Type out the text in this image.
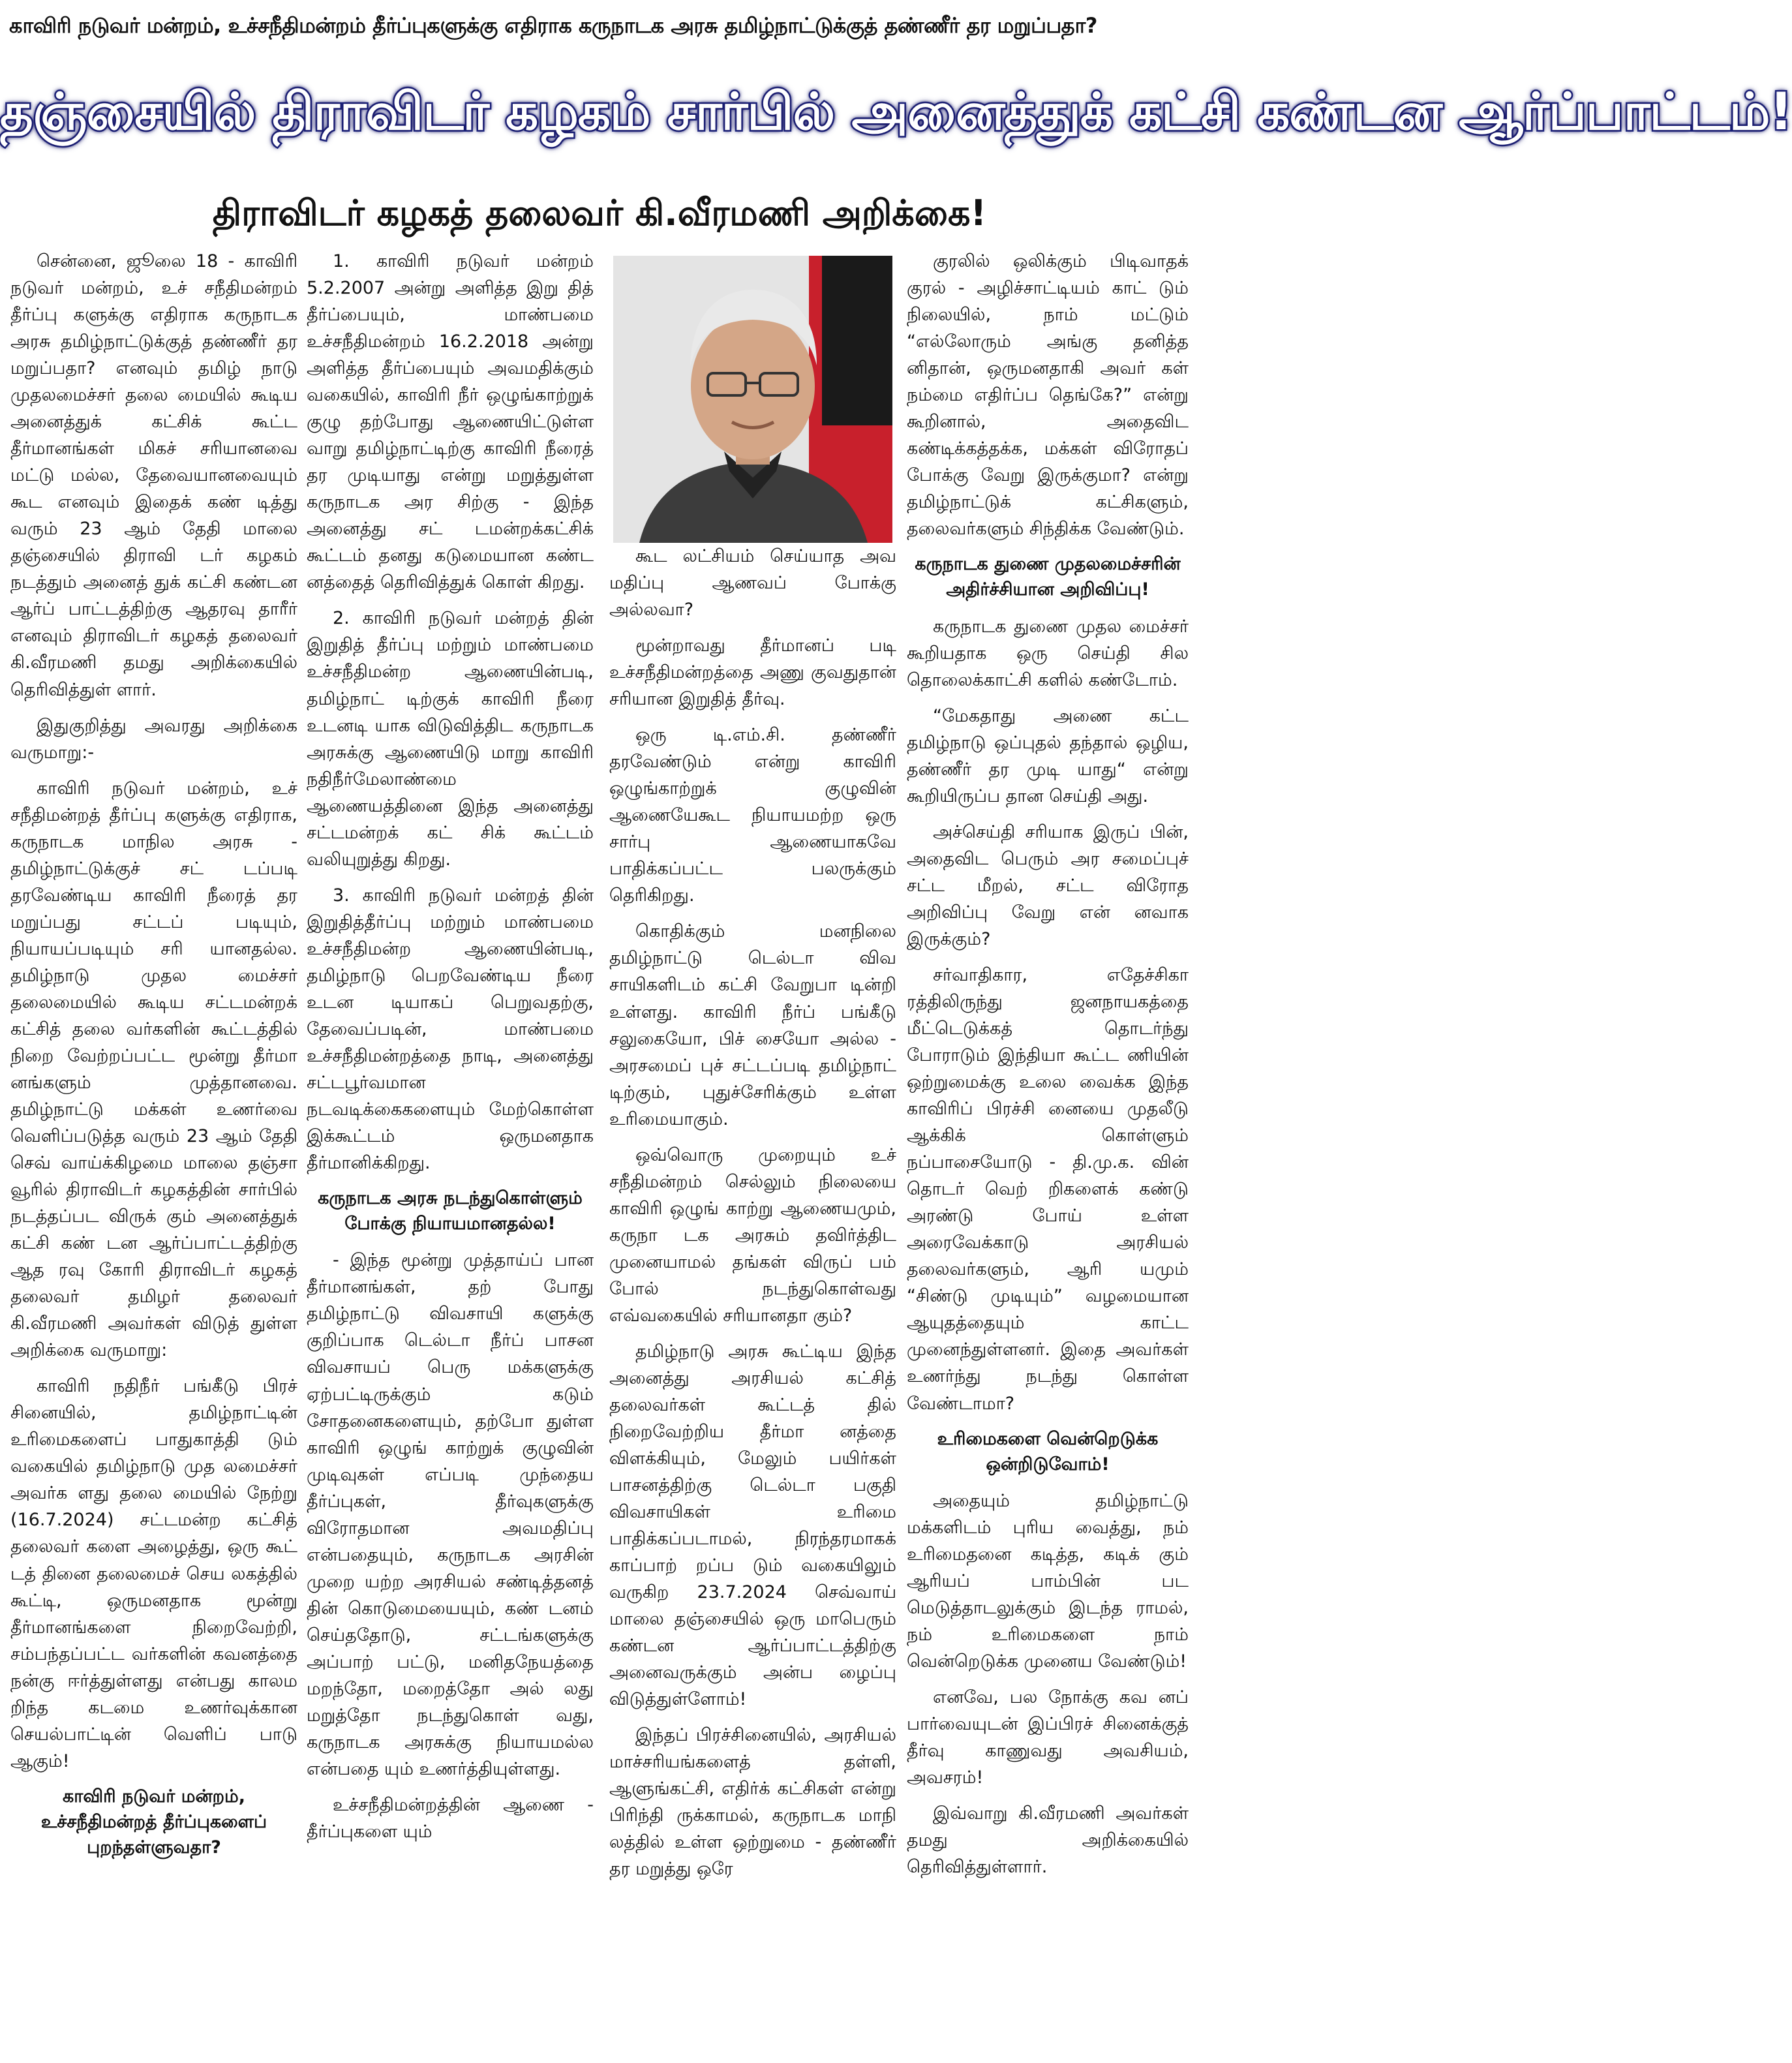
காவிரி நடுவர் மன்றம், உச்சநீதிமன்றம் தீர்ப்புகளுக்கு எதிராக கருநாடக அரசு தமிழ்நாட்டுக்குத் தண்ணீர் தர மறுப்பதா?
தஞ்சையில் திராவிடர் கழகம் சார்பில் அனைத்துக் கட்சி கண்டன ஆர்ப்பாட்டம்!
திராவிடர் கழகத் தலைவர் கி.வீரமணி அறிக்கை!

சென்னை, ஜூலை 18 - காவிரி நடுவர் மன்றம், உச் சநீதிமன்றம் தீர்ப்பு களுக்கு எதிராக கருநாடக அரசு தமிழ்நாட்டுக்குத் தண்ணீர் தர மறுப்பதா? எனவும் தமிழ் நாடு முதலமைச்சர் தலை மையில் கூடிய அனைத்துக் கட்சிக் கூட்ட தீர்மானங்கள் மிகச் சரியானவை மட்டு மல்ல, தேவையானவையும் கூட எனவும் இதைக் கண் டித்து வரும் 23 ஆம் தேதி மாலை தஞ்சையில் திராவி டர் கழகம் நடத்தும் அனைத் துக் கட்சி கண்டன ஆர்ப் பாட்டத்திற்கு ஆதரவு தாரீர் எனவும் திராவிடர் கழகத் தலைவர் கி.வீரமணி தமது அறிக்கையில் தெரிவித்துள் ளார்.

இதுகுறித்து அவரது அறிக்கை வருமாறு:-

காவிரி நடுவர் மன்றம், உச் சநீதிமன்றத் தீர்ப்பு களுக்கு எதிராக, கருநாடக மாநில அரசு - தமிழ்நாட்டுக்குச் சட் டப்படி தரவேண்டிய காவிரி நீரைத் தர மறுப்பது சட்டப் படியும், நியாயப்படியும் சரி யானதல்ல. தமிழ்நாடு முதல மைச்சர் தலைமையில் கூடிய சட்டமன்றக் கட்சித் தலை வர்களின் கூட்டத்தில் நிறை வேற்றப்பட்ட மூன்று தீர்மா னங்களும் முத்தானவை. தமிழ்நாட்டு மக்கள் உணர்வை வெளிப்படுத்த வரும் 23 ஆம் தேதி செவ் வாய்க்கிழமை மாலை தஞ்சா வூரில் திராவிடர் கழகத்தின் சார்பில் நடத்தப்பட விருக் கும் அனைத்துக் கட்சி கண் டன ஆர்ப்பாட்டத்திற்கு ஆத ரவு கோரி திராவிடர் கழகத் தலைவர் தமிழர் தலைவர் கி.வீரமணி அவர்கள் விடுத் துள்ள அறிக்கை வருமாறு:

காவிரி நதிநீர் பங்கீடு பிரச் சினையில், தமிழ்நாட்டின் உரிமைகளைப் பாதுகாத்தி டும் வகையில் தமிழ்நாடு முத லமைச்சர் அவர்க ளது தலை மையில் நேற்று (16.7.2024) சட்டமன்ற கட்சித் தலைவர் களை அழைத்து, ஒரு கூட் டத் தினை தலைமைச் செய லகத்தில் கூட்டி, ஒருமனதாக மூன்று தீர்மானங்களை நிறைவேற்றி, சம்பந்தப்பட்ட வர்களின் கவனத்தை நன்கு ஈர்த்துள்ளது என்பது காலம றிந்த கடமை உணர்வுக்கான செயல்பாட்டின் வெளிப் பாடு ஆகும்!

காவிரி நடுவர் மன்றம், உச்சநீதிமன்றத் தீர்ப்புகளைப் புறந்தள்ளுவதா?

1. காவிரி நடுவர் மன்றம் 5.2.2007 அன்று அளித்த இறு தித் தீர்ப்பையும், மாண்பமை உச்சநீதிமன்றம் 16.2.2018 அன்று அளித்த தீர்ப்பையும் அவமதிக்கும் வகையில், காவிரி நீர் ஒழுங்காற்றுக் குழு தற்போது ஆணையிட்டுள்ள வாறு தமிழ்நாட்டிற்கு காவிரி நீரைத் தர முடியாது என்று மறுத்துள்ள கருநாடக அர சிற்கு - இந்த அனைத்து சட் டமன்றக்கட்சிக் கூட்டம் தனது கடுமையான கண்ட னத்தைத் தெரிவித்துக் கொள் கிறது.

2. காவிரி நடுவர் மன்றத் தின் இறுதித் தீர்ப்பு மற்றும் மாண்பமை உச்சநீதிமன்ற ஆணையின்படி, தமிழ்நாட் டிற்குக் காவிரி நீரை உடனடி யாக விடுவித்திட கருநாடக அரசுக்கு ஆணையிடு மாறு காவிரி நதிநீர்மேலாண்மை ஆணையத்தினை இந்த அனைத்து சட்டமன்றக் கட் சிக் கூட்டம் வலியுறுத்து கிறது.

3. காவிரி நடுவர் மன்றத் தின் இறுதித்தீர்ப்பு மற்றும் மாண்பமை உச்சநீதிமன்ற ஆணையின்படி, தமிழ்நாடு பெறவேண்டிய நீரை உடன டியாகப் பெறுவதற்கு, தேவைப்படின், மாண்பமை உச்சநீதிமன்றத்தை நாடி, அனைத்து சட்டபூர்வமான நடவடிக்கைகளையும் மேற்கொள்ள இக்கூட்டம் ஒருமனதாக தீர்மானிக்கிறது.

கருநாடக அரசு நடந்துகொள்ளும் போக்கு நியாயமானதல்ல!

- இந்த மூன்று முத்தாய்ப் பான தீர்மானங்கள், தற் போது தமிழ்நாட்டு விவசாயி களுக்கு குறிப்பாக டெல்டா நீர்ப் பாசன விவசாயப் பெரு மக்களுக்கு ஏற்பட்டிருக்கும் கடும் சோதனைகளையும், தற்போ துள்ள காவிரி ஒழுங் காற்றுக் குழுவின் முடிவுகள் எப்படி முந்தைய தீர்ப்புகள், தீர்வுகளுக்கு விரோதமான அவமதிப்பு என்பதையும், கருநாடக அரசின் முறை யற்ற அரசியல் சண்டித்தனத் தின் கொடுமையையும், கண் டனம் செய்ததோடு, சட்டங்களுக்கு அப்பாற் பட்டு, மனிதநேயத்தை மறந்தோ, மறைத்தோ அல் லது மறுத்தோ நடந்துகொள் வது, கருநாடக அரசுக்கு நியாயமல்ல என்பதை யும் உணர்த்தியுள்ளது.

உச்சநீதிமன்றத்தின் ஆணை - தீர்ப்புகளை யும்

கூட லட்சியம் செய்யாத அவ மதிப்பு ஆணவப் போக்கு அல்லவா?

மூன்றாவது தீர்மானப் படி உச்சநீதிமன்றத்தை அணு குவதுதான் சரியான இறுதித் தீர்வு.

ஒரு டி.எம்.சி. தண்ணீர் தரவேண்டும் என்று காவிரி ஒழுங்காற்றுக் குழுவின் ஆணையேகூட நியாயமற்ற ஒரு சார்பு ஆணையாகவே பாதிக்கப்பட்ட பலருக்கும் தெரிகிறது.

கொதிக்கும் மனநிலை தமிழ்நாட்டு டெல்டா விவ சாயிகளிடம் கட்சி வேறுபா டின்றி உள்ளது. காவிரி நீர்ப் பங்கீடு சலுகையோ, பிச் சையோ அல்ல - அரசமைப் புச் சட்டப்படி தமிழ்நாட் டிற்கும், புதுச்சேரிக்கும் உள்ள உரிமையாகும்.

ஒவ்வொரு முறையும் உச் சநீதிமன்றம் செல்லும் நிலையை காவிரி ஒழுங் காற்று ஆணையமும், கருநா டக அரசும் தவிர்த்திட முனையாமல் தங்கள் விருப் பம் போல் நடந்துகொள்வது எவ்வகையில் சரியானதா கும்?

தமிழ்நாடு அரசு கூட்டிய இந்த அனைத்து அரசியல் கட்சித் தலைவர்கள் கூட்டத் தில் நிறைவேற்றிய தீர்மா னத்தை விளக்கியும், மேலும் பயிர்கள் பாசனத்திற்கு டெல்டா பகுதி விவசாயிகள் உரிமை பாதிக்கப்படாமல், நிரந்தரமாகக் காப்பாற் றப்ப டும் வகையிலும் வருகிற 23.7.2024 செவ்வாய் மாலை தஞ்சையில் ஒரு மாபெரும் கண்டன ஆர்ப்பாட்டத்திற்கு அனைவருக்கும் அன்ப ழைப்பு விடுத்துள்ளோம்!

இந்தப் பிரச்சினையில், அரசியல் மாச்சரியங்களைத் தள்ளி, ஆளுங்கட்சி, எதிர்க் கட்சிகள் என்று பிரிந்தி ருக்காமல், கருநாடக மாநி லத்தில் உள்ள ஒற்றுமை - தண்ணீர் தர மறுத்து ஒரே

குரலில் ஒலிக்கும் பிடிவாதக் குரல் - அழிச்சாட்டியம் காட் டும் நிலையில், நாம் மட்டும் “எல்லோரும் அங்கு தனித்த னிதான், ஒருமனதாகி அவர் கள் நம்மை எதிர்ப்ப தெங்கே?” என்று கூறினால், அதைவிட கண்டிக்கத்தக்க, மக்கள் விரோதப் போக்கு வேறு இருக்குமா? என்று தமிழ்நாட்டுக் கட்சிகளும், தலைவர்களும் சிந்திக்க வேண்டும்.

கருநாடக துணை முதலமைச்சரின் அதிர்ச்சியான அறிவிப்பு!

கருநாடக துணை முதல மைச்சர் கூறியதாக ஒரு செய்தி சில தொலைக்காட்சி களில் கண்டோம்.

“மேகதாது அணை கட்ட தமிழ்நாடு ஒப்புதல் தந்தால் ஒழிய, தண்ணீர் தர முடி யாது“ என்று கூறியிருப்ப தான செய்தி அது.

அச்செய்தி சரியாக இருப் பின், அதைவிட பெரும் அர சமைப்புச் சட்ட மீறல், சட்ட விரோத அறிவிப்பு வேறு என் னவாக இருக்கும்?

சர்வாதிகார, எதேச்சிகா ரத்திலிருந்து ஜனநாயகத்தை மீட்டெடுக்கத் தொடர்ந்து போராடும் இந்தியா கூட்ட ணியின் ஒற்றுமைக்கு உலை வைக்க இந்த காவிரிப் பிரச்சி னையை முதலீடு ஆக்கிக் கொள்ளும் நப்பாசையோடு - தி.மு.க. வின் தொடர் வெற் றிகளைக் கண்டு அரண்டு போய் உள்ள அரைவேக்காடு அரசியல் தலைவர்களும், ஆரி யமும் “சிண்டு முடியும்” வழமையான ஆயுதத்தையும் காட்ட முனைந்துள்ளனர். இதை அவர்கள் உணர்ந்து நடந்து கொள்ள வேண்டாமா?

உரிமைகளை வென்றெடுக்க ஒன்றிடுவோம்!

அதையும் தமிழ்நாட்டு மக்களிடம் புரிய வைத்து, நம் உரிமைதனை கடித்த, கடிக் கும் ஆரியப் பாம்பின் பட மெடுத்தாடலுக்கும் இடந்த ராமல், நம் உரிமைகளை நாம் வென்றெடுக்க முனைய வேண்டும்!

எனவே, பல நோக்கு கவ னப் பார்வையுடன் இப்பிரச் சினைக்குத் தீர்வு காணுவது அவசியம், அவசரம்!

இவ்வாறு கி.வீரமணி அவர்கள் தமது அறிக்கையில் தெரிவித்துள்ளார்.
